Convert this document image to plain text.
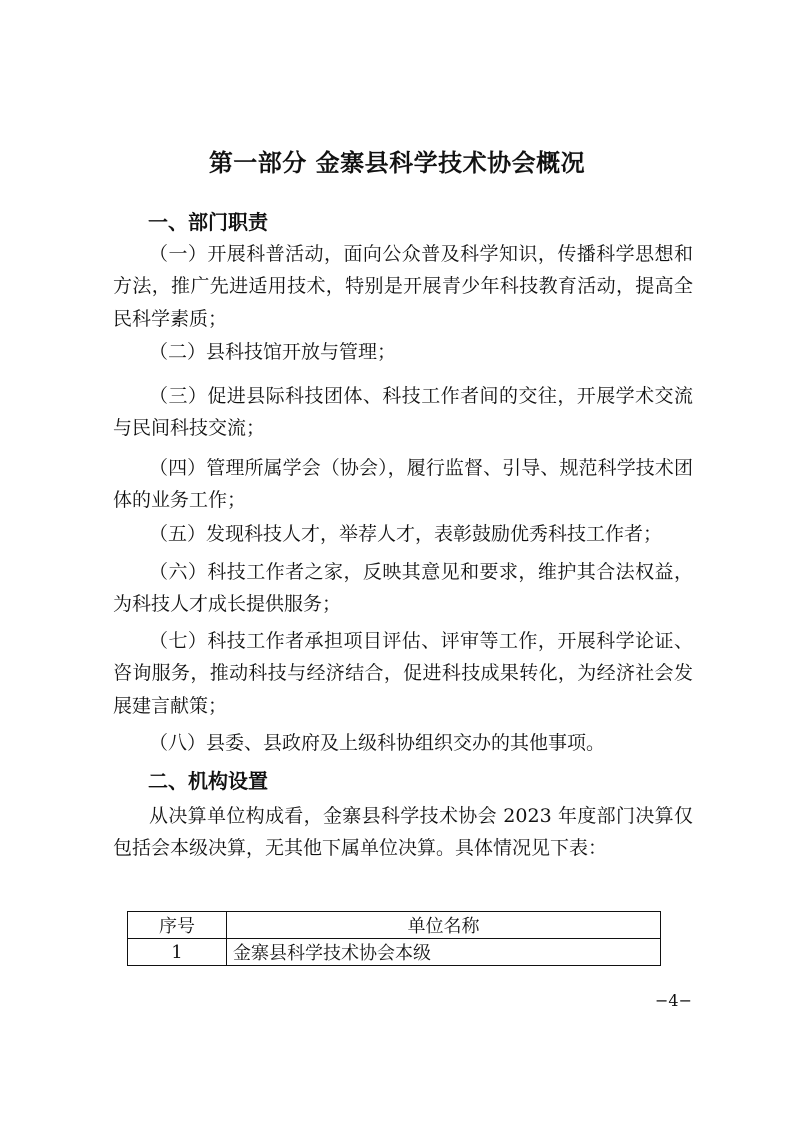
第一部分 金寨县科学技术协会概况
一、部门职责

（一）开展科普活动，面向公众普及科学知识，传播科学思想和方法，推广先进适用技术，特别是开展青少年科技教育活动，提高全民科学素质；

（二）县科技馆开放与管理；

（三）促进县际科技团体、科技工作者间的交往，开展学术交流与民间科技交流；

（四）管理所属学会（协会），履行监督、引导、规范科学技术团体的业务工作；

（五）发现科技人才，举荐人才，表彰鼓励优秀科技工作者；

（六）科技工作者之家，反映其意见和要求，维护其合法权益，为科技人才成长提供服务；

（七）科技工作者承担项目评估、评审等工作，开展科学论证、咨询服务，推动科技与经济结合，促进科技成果转化，为经济社会发展建言献策；

（八）县委、县政府及上级科协组织交办的其他事项。

二、机构设置

从决算单位构成看，金寨县科学技术协会 2023 年度部门决算仅包括会本级决算，无其他下属单位决算。具体情况见下表：

序号	单位名称
1	金寨县科学技术协会本级
−4−
